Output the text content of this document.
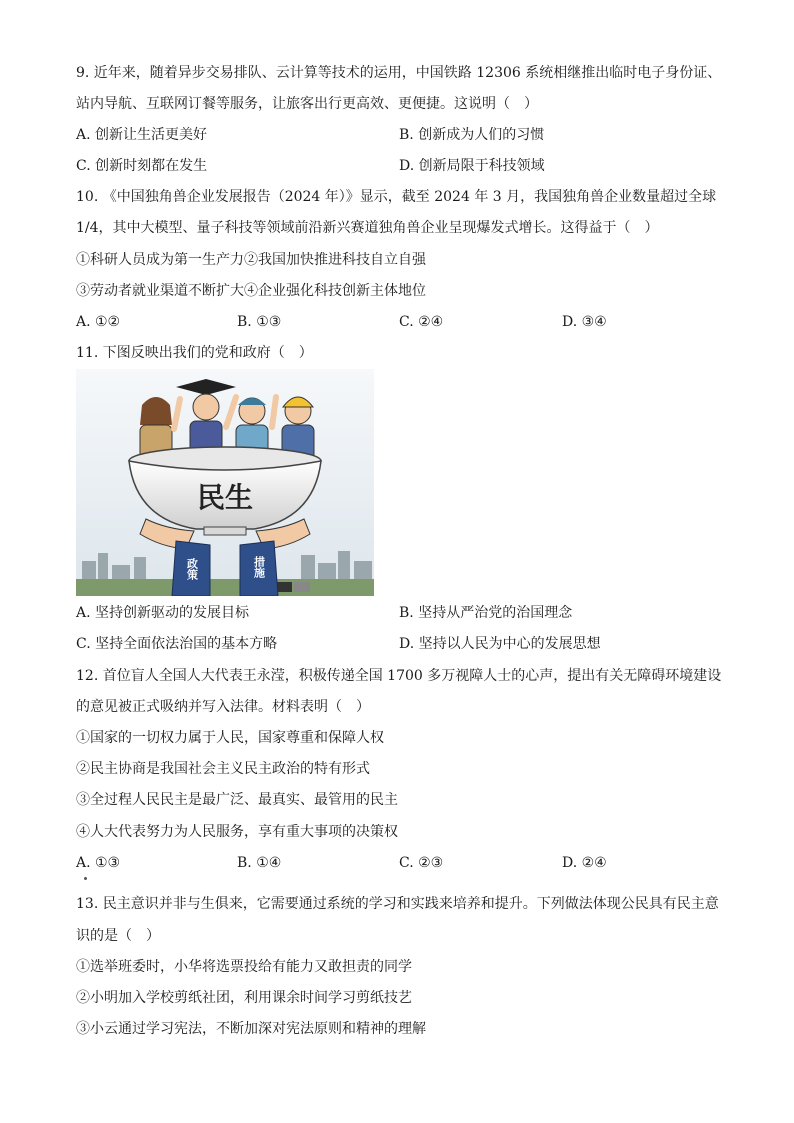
9. 近年来，随着异步交易排队、云计算等技术的运用，中国铁路 12306 系统相继推出临时电子身份证、
站内导航、互联网订餐等服务，让旅客出行更高效、更便捷。这说明（　）
A. 创新让生活更美好	B. 创新成为人们的习惯
C. 创新时刻都在发生	D. 创新局限于科技领域
10. 《中国独角兽企业发展报告（2024 年）》显示，截至 2024 年 3 月，我国独角兽企业数量超过全球
1/4，其中大模型、量子科技等领域前沿新兴赛道独角兽企业呈现爆发式增长。这得益于（　）
①科研人员成为第一生产力②我国加快推进科技自立自强
③劳动者就业渠道不断扩大④企业强化科技创新主体地位
A. ①②	B. ①③	C. ②④	D. ③④
11. 下图反映出我们的党和政府（　）
民生
政策	措施
A. 坚持创新驱动的发展目标	B. 坚持从严治党的治国理念
C. 坚持全面依法治国的基本方略	D. 坚持以人民为中心的发展思想
12. 首位盲人全国人大代表王永滢，积极传递全国 1700 多万视障人士的心声，提出有关无障碍环境建设
的意见被正式吸纳并写入法律。材料表明（　）
①国家的一切权力属于人民，国家尊重和保障人权
②民主协商是我国社会主义民主政治的特有形式
③全过程人民民主是最广泛、最真实、最管用的民主
④人大代表努力为人民服务，享有重大事项的决策权
A. ①③	B. ①④	C. ②③	D. ②④
13. 民主意识并非与生俱来，它需要通过系统的学习和实践来培养和提升。下列做法体现公民具有民主意
识的是（　）
①选举班委时，小华将选票投给有能力又敢担责的同学
②小明加入学校剪纸社团，利用课余时间学习剪纸技艺
③小云通过学习宪法，不断加深对宪法原则和精神的理解
